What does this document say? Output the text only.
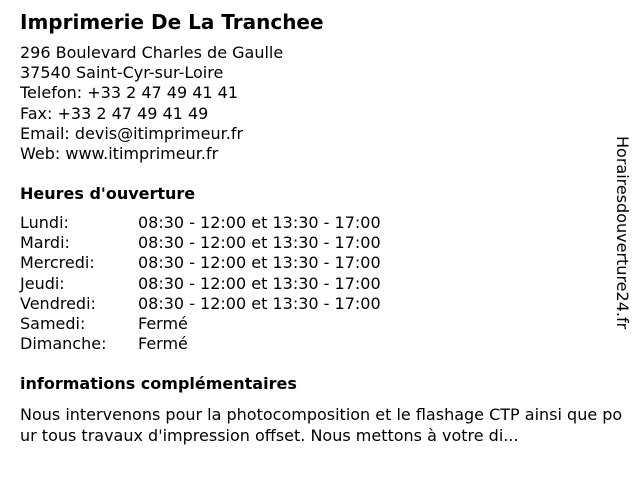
Imprimerie De La Tranchee
296 Boulevard Charles de Gaulle
37540 Saint-Cyr-sur-Loire
Telefon: +33 2 47 49 41 41
Fax: +33 2 47 49 41 49
Email: devis@itimprimeur.fr
Web: www.itimprimeur.fr
Heures d'ouverture
Lundi:	08:30 - 12:00 et 13:30 - 17:00
Mardi:	08:30 - 12:00 et 13:30 - 17:00
Mercredi:	08:30 - 12:00 et 13:30 - 17:00
Jeudi:	08:30 - 12:00 et 13:30 - 17:00
Vendredi:	08:30 - 12:00 et 13:30 - 17:00
Samedi:	Fermé
Dimanche:	Fermé
informations complémentaires
Nous intervenons pour la photocomposition et le flashage CTP ainsi que pour tous travaux d'impression offset. Nous mettons à votre di...
Horairesdouverture24.fr
